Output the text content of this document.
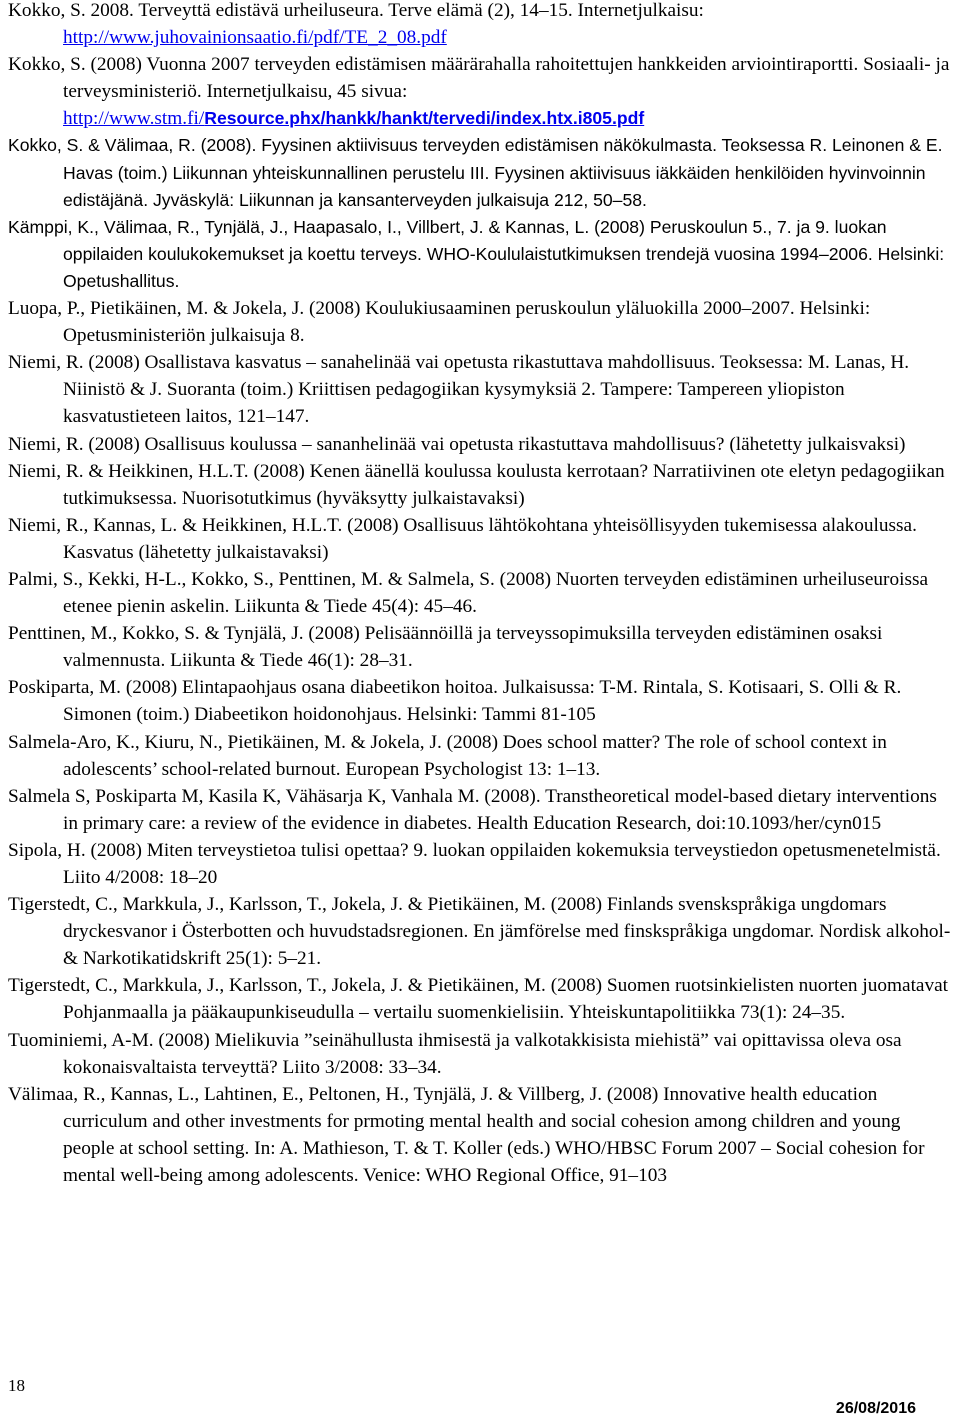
Kokko, S. 2008. Terveyttä edistävä urheiluseura. Terve elämä (2), 14–15. Internetjulkaisu: http://www.juhovainionsaatio.fi/pdf/TE_2_08.pdf

Kokko, S. (2008) Vuonna 2007 terveyden edistämisen määrärahalla rahoitettujen hankkeiden arviointiraportti. Sosiaali- ja terveysministeriö. Internetjulkaisu, 45 sivua: http://www.stm.fi/Resource.phx/hankk/hankt/tervedi/index.htx.i805.pdf

Kokko, S. & Välimaa, R. (2008). Fyysinen aktiivisuus terveyden edistämisen näkökulmasta. Teoksessa R. Leinonen & E. Havas (toim.) Liikunnan yhteiskunnallinen perustelu III. Fyysinen aktiivisuus iäkkäiden henkilöiden hyvinvoinnin edistäjänä. Jyväskylä: Liikunnan ja kansanterveyden julkaisuja 212, 50–58.

Kämppi, K., Välimaa, R., Tynjälä, J., Haapasalo, I., Villbert, J. & Kannas, L. (2008) Peruskoulun 5., 7. ja 9. luokan oppilaiden koulukokemukset ja koettu terveys. WHO-Koululaistutkimuksen trendejä vuosina 1994–2006. Helsinki: Opetushallitus.

Luopa, P., Pietikäinen, M. & Jokela, J. (2008) Koulukiusaaminen peruskoulun yläluokilla 2000–2007. Helsinki: Opetusministeriön julkaisuja 8.

Niemi, R. (2008) Osallistava kasvatus – sanahelinää vai opetusta rikastuttava mahdollisuus. Teoksessa: M. Lanas, H. Niinistö & J. Suoranta (toim.) Kriittisen pedagogiikan kysymyksiä 2. Tampere: Tampereen yliopiston kasvatustieteen laitos, 121–147.

Niemi, R. (2008) Osallisuus koulussa – sananhelinää vai opetusta rikastuttava mahdollisuus? (lähetetty julkaisvaksi)

Niemi, R. & Heikkinen, H.L.T. (2008) Kenen äänellä koulussa koulusta kerrotaan? Narratiivinen ote eletyn pedagogiikan tutkimuksessa. Nuorisotutkimus (hyväksytty julkaistavaksi)

Niemi, R., Kannas, L. & Heikkinen, H.L.T. (2008) Osallisuus lähtökohtana yhteisöllisyyden tukemisessa alakoulussa. Kasvatus (lähetetty julkaistavaksi)

Palmi, S., Kekki, H-L., Kokko, S., Penttinen, M. & Salmela, S. (2008) Nuorten terveyden edistäminen urheiluseuroissa etenee pienin askelin. Liikunta & Tiede 45(4): 45–46.

Penttinen, M., Kokko, S. & Tynjälä, J. (2008) Pelisäännöillä ja terveyssopimuksilla terveyden edistäminen osaksi valmennusta. Liikunta & Tiede 46(1): 28–31.

Poskiparta, M. (2008) Elintapaohjaus osana diabeetikon hoitoa. Julkaisussa: T-M. Rintala, S. Kotisaari, S. Olli & R. Simonen (toim.) Diabeetikon hoidonohjaus. Helsinki: Tammi 81-105

Salmela-Aro, K., Kiuru, N., Pietikäinen, M. & Jokela, J. (2008) Does school matter? The role of school context in adolescents’ school-related burnout. European Psychologist 13: 1–13.

Salmela S, Poskiparta M, Kasila K, Vähäsarja K, Vanhala M. (2008). Transtheoretical model-based dietary interventions in primary care: a review of the evidence in diabetes. Health Education Research, doi:10.1093/her/cyn015

Sipola, H. (2008) Miten terveystietoa tulisi opettaa? 9. luokan oppilaiden kokemuksia terveystiedon opetusmenetelmistä. Liito 4/2008: 18–20

Tigerstedt, C., Markkula, J., Karlsson, T., Jokela, J. & Pietikäinen, M. (2008) Finlands svenskspråkiga ungdomars dryckesvanor i Österbotten och huvudstadsregionen. En jämförelse med finskspråkiga ungdomar. Nordisk alkohol- & Narkotikatidskrift 25(1): 5–21.

Tigerstedt, C., Markkula, J., Karlsson, T., Jokela, J. & Pietikäinen, M. (2008) Suomen ruotsinkielisten nuorten juomatavat Pohjanmaalla ja pääkaupunkiseudulla – vertailu suomenkielisiin. Yhteiskuntapolitiikka 73(1): 24–35.

Tuominiemi, A-M. (2008) Mielikuvia ”seinähullusta ihmisestä ja valkotakkisista miehistä” vai opittavissa oleva osa kokonaisvaltaista terveyttä? Liito 3/2008: 33–34.

Välimaa, R., Kannas, L., Lahtinen, E., Peltonen, H., Tynjälä, J. & Villberg, J. (2008) Innovative health education curriculum and other investments for prmoting mental health and social cohesion among children and young people at school setting. In: A. Mathieson, T. & T. Koller (eds.) WHO/HBSC Forum 2007 – Social cohesion for mental well-being among adolescents. Venice: WHO Regional Office, 91–103

18
26/08/2016
